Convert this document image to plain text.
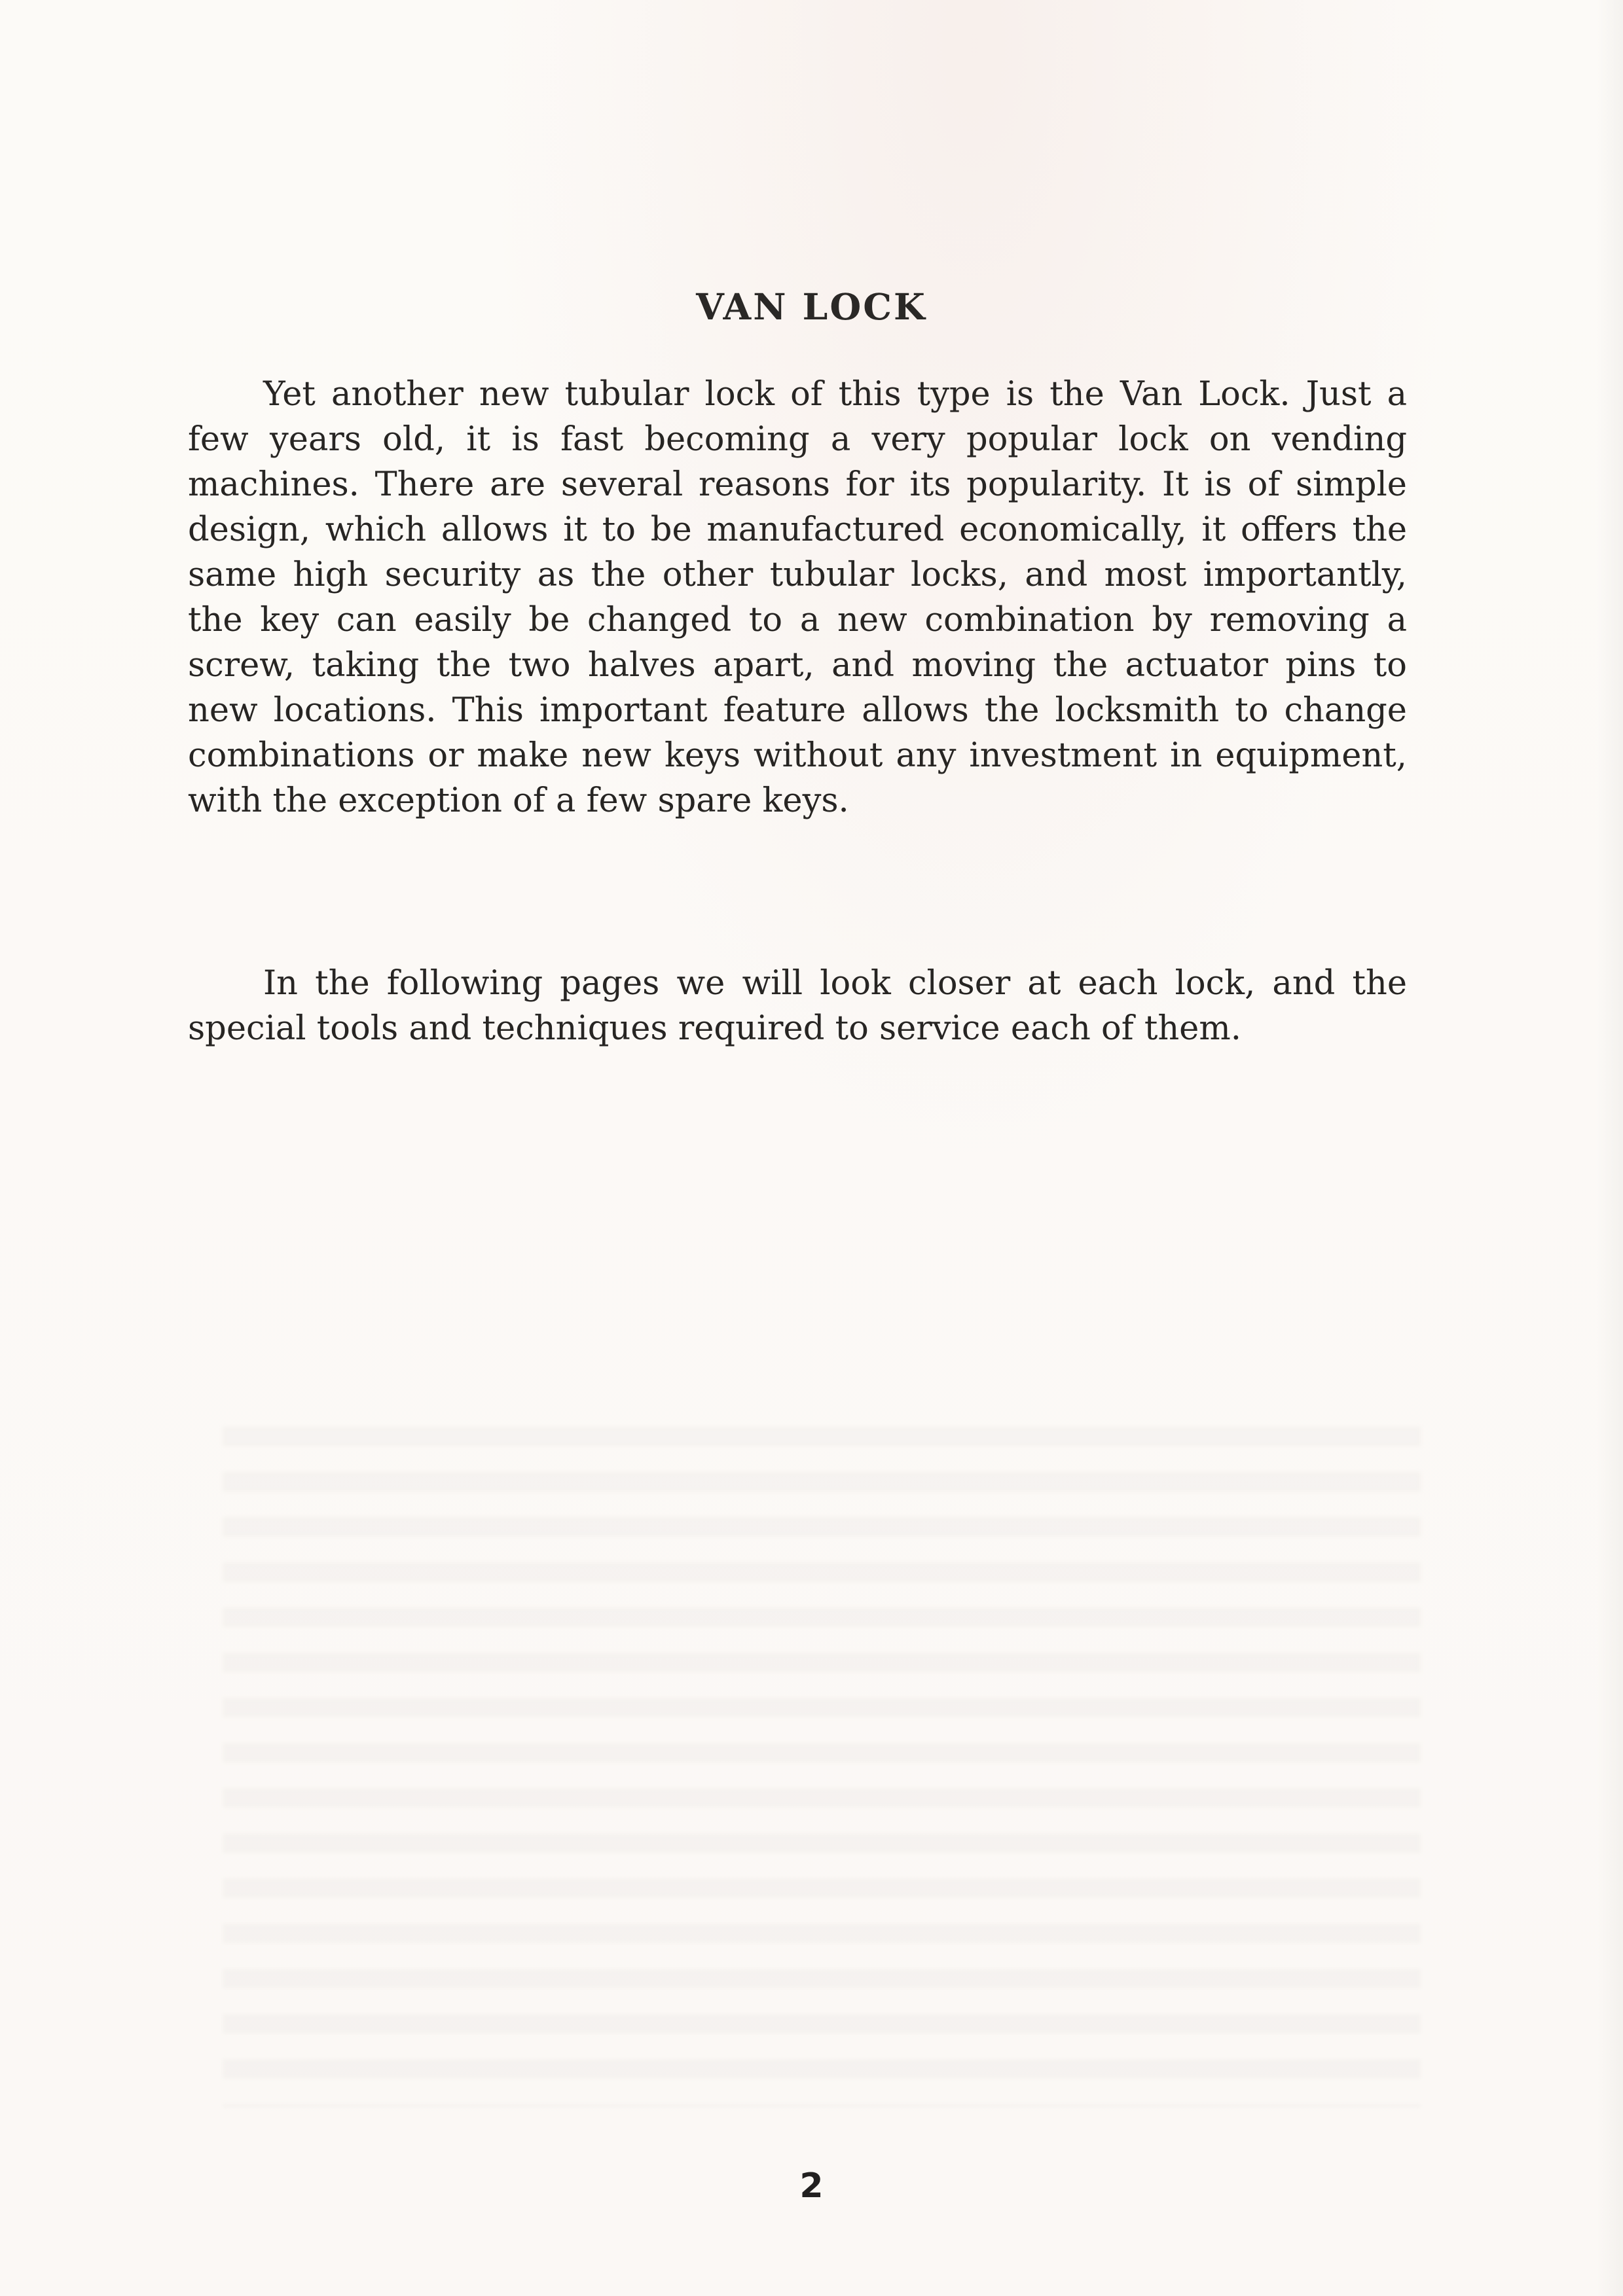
VAN LOCK

Yet another new tubular lock of this type is the Van Lock. Just a few years old, it is fast becoming a very popular lock on vending machines. There are several reasons for its popularity. It is of simple design, which allows it to be manufactured economically, it offers the same high security as the other tubular locks, and most importantly, the key can easily be changed to a new combination by removing a screw, taking the two halves apart, and moving the actuator pins to new locations. This important feature allows the locksmith to change combinations or make new keys without any investment in equipment, with the exception of a few spare keys.

In the following pages we will look closer at each lock, and the special tools and techniques required to service each of them.

2
